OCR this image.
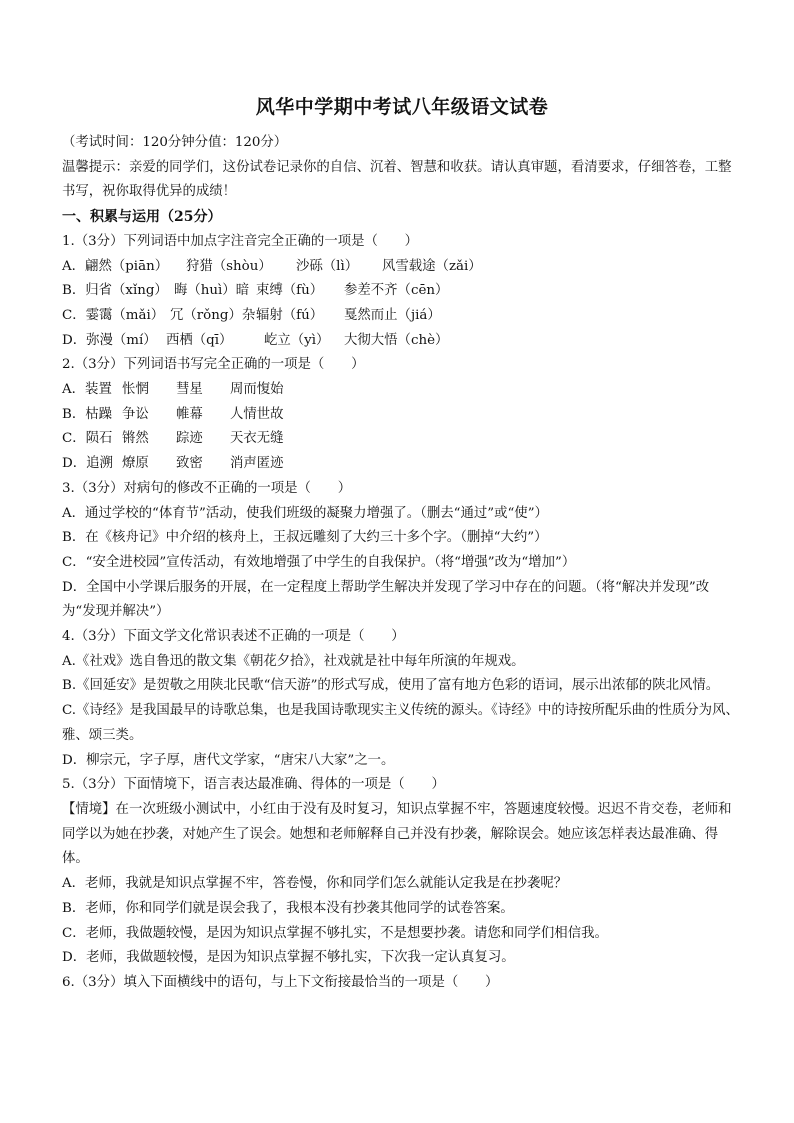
风华中学期中考试八年级语文试卷
（考试时间：120分钟分值：120分）
温馨提示：亲爱的同学们，这份试卷记录你的自信、沉着、智慧和收获。请认真审题，看清要求，仔细答卷，工整书写，祝你取得优异的成绩！
一、积累与运用（25分）
1.（3分）下列词语中加点字注音完全正确的一项是（　　）
A．翩然（piān） 狩猎（shòu） 沙砾（lì） 风雪载途（zǎi）
B．归省（xǐng） 晦（huì）暗 束缚（fù） 参差不齐（cēn）
C．霎霭（mǎi） 冗（rǒng）杂辐射（fú） 戛然而止（jiá）
D．弥漫（mí） 西栖（qī） 屹立（yì） 大彻大悟（chè）
2.（3分）下列词语书写完全正确的一项是（　　）
A．装置 怅惘 彗星 周而愎始
B．枯躁 争讼 帷幕 人情世故
C．陨石 锵然 踪迹 天衣无缝
D．追溯 燎原 致密 消声匿迹
3.（3分）对病句的修改不正确的一项是（　　）
A．通过学校的“体育节”活动，使我们班级的凝聚力增强了。（删去“通过”或“使”）
B．在《核舟记》中介绍的核舟上，王叔远雕刻了大约三十多个字。（删掉“大约”）
C．“安全进校园”宣传活动，有效地增强了中学生的自我保护。（将“增强”改为“增加”）
D．全国中小学课后服务的开展，在一定程度上帮助学生解决并发现了学习中存在的问题。（将“解决并发现”改为“发现并解决”）
4.（3分）下面文学文化常识表述不正确的一项是（　　）
A.《社戏》选自鲁迅的散文集《朝花夕拾》，社戏就是社中每年所演的年规戏。
B.《回延安》是贺敬之用陕北民歌“信天游”的形式写成，使用了富有地方色彩的语词，展示出浓郁的陕北风情。
C.《诗经》是我国最早的诗歌总集，也是我国诗歌现实主义传统的源头。《诗经》中的诗按所配乐曲的性质分为风、雅、颂三类。
D．柳宗元，字子厚，唐代文学家，“唐宋八大家”之一。
5.（3分）下面情境下，语言表达最准确、得体的一项是（　　）
【情境】在一次班级小测试中，小红由于没有及时复习，知识点掌握不牢，答题速度较慢。迟迟不肯交卷，老师和同学以为她在抄袭，对她产生了误会。她想和老师解释自己并没有抄袭，解除误会。她应该怎样表达最准确、得体。
A．老师，我就是知识点掌握不牢，答卷慢，你和同学们怎么就能认定我是在抄袭呢？
B．老师，你和同学们就是误会我了，我根本没有抄袭其他同学的试卷答案。
C．老师，我做题较慢，是因为知识点掌握不够扎实，不是想要抄袭。请您和同学们相信我。
D．老师，我做题较慢，是因为知识点掌握不够扎实，下次我一定认真复习。
6.（3分）填入下面横线中的语句，与上下文衔接最恰当的一项是（　　）
